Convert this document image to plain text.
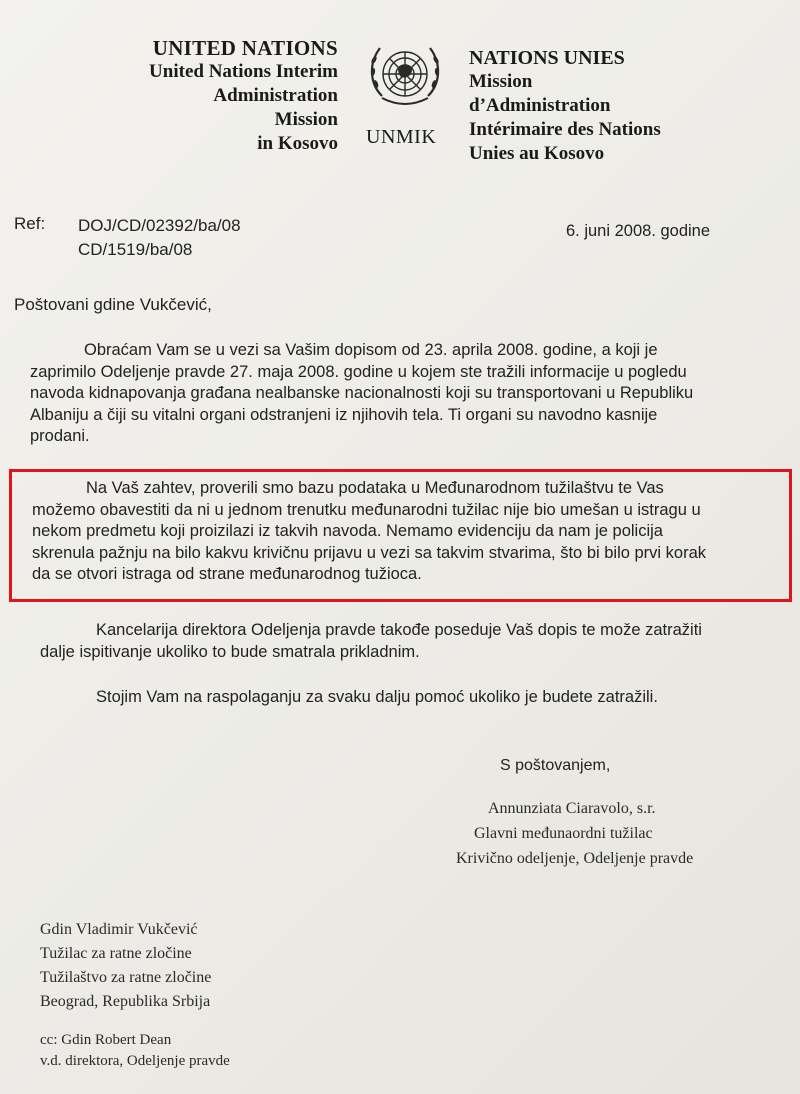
UNITED NATIONS
United Nations Interim
Administration
Mission
in Kosovo UNMIK
NATIONS UNIES
Mission
d’Administration
Intérimaire des Nations
Unies au Kosovo
Ref: DOJ/CD/02392/ba/08
CD/1519/ba/08
6. juni 2008. godine
Poštovani gdine Vukčević,
Obraćam Vam se u vezi sa Vašim dopisom od 23. aprila 2008. godine, a koji je
zaprimilo Odeljenje pravde 27. maja 2008. godine u kojem ste tražili informacije u pogledu
navoda kidnapovanja građana nealbanske nacionalnosti koji su transportovani u Republiku
Albaniju a čiji su vitalni organi odstranjeni iz njihovih tela. Ti organi su navodno kasnije
prodani.
Na Vaš zahtev, proverili smo bazu podataka u Međunarodnom tužilaštvu te Vas
možemo obavestiti da ni u jednom trenutku međunarodni tužilac nije bio umešan u istragu u
nekom predmetu koji proizilazi iz takvih navoda. Nemamo evidenciju da nam je policija
skrenula pažnju na bilo kakvu krivičnu prijavu u vezi sa takvim stvarima, što bi bilo prvi korak
da se otvori istraga od strane međunarodnog tužioca.
Kancelarija direktora Odeljenja pravde takođe poseduje Vaš dopis te može zatražiti
dalje ispitivanje ukoliko to bude smatrala prikladnim.
Stojim Vam na raspolaganju za svaku dalju pomoć ukoliko je budete zatražili.
S poštovanjem,
Annunziata Ciaravolo, s.r.
Glavni međunaordni tužilac
Krivično odeljenje, Odeljenje pravde
Gdin Vladimir Vukčević
Tužilac za ratne zločine
Tužilaštvo za ratne zločine
Beograd, Republika Srbija
cc: Gdin Robert Dean
v.d. direktora, Odeljenje pravde
